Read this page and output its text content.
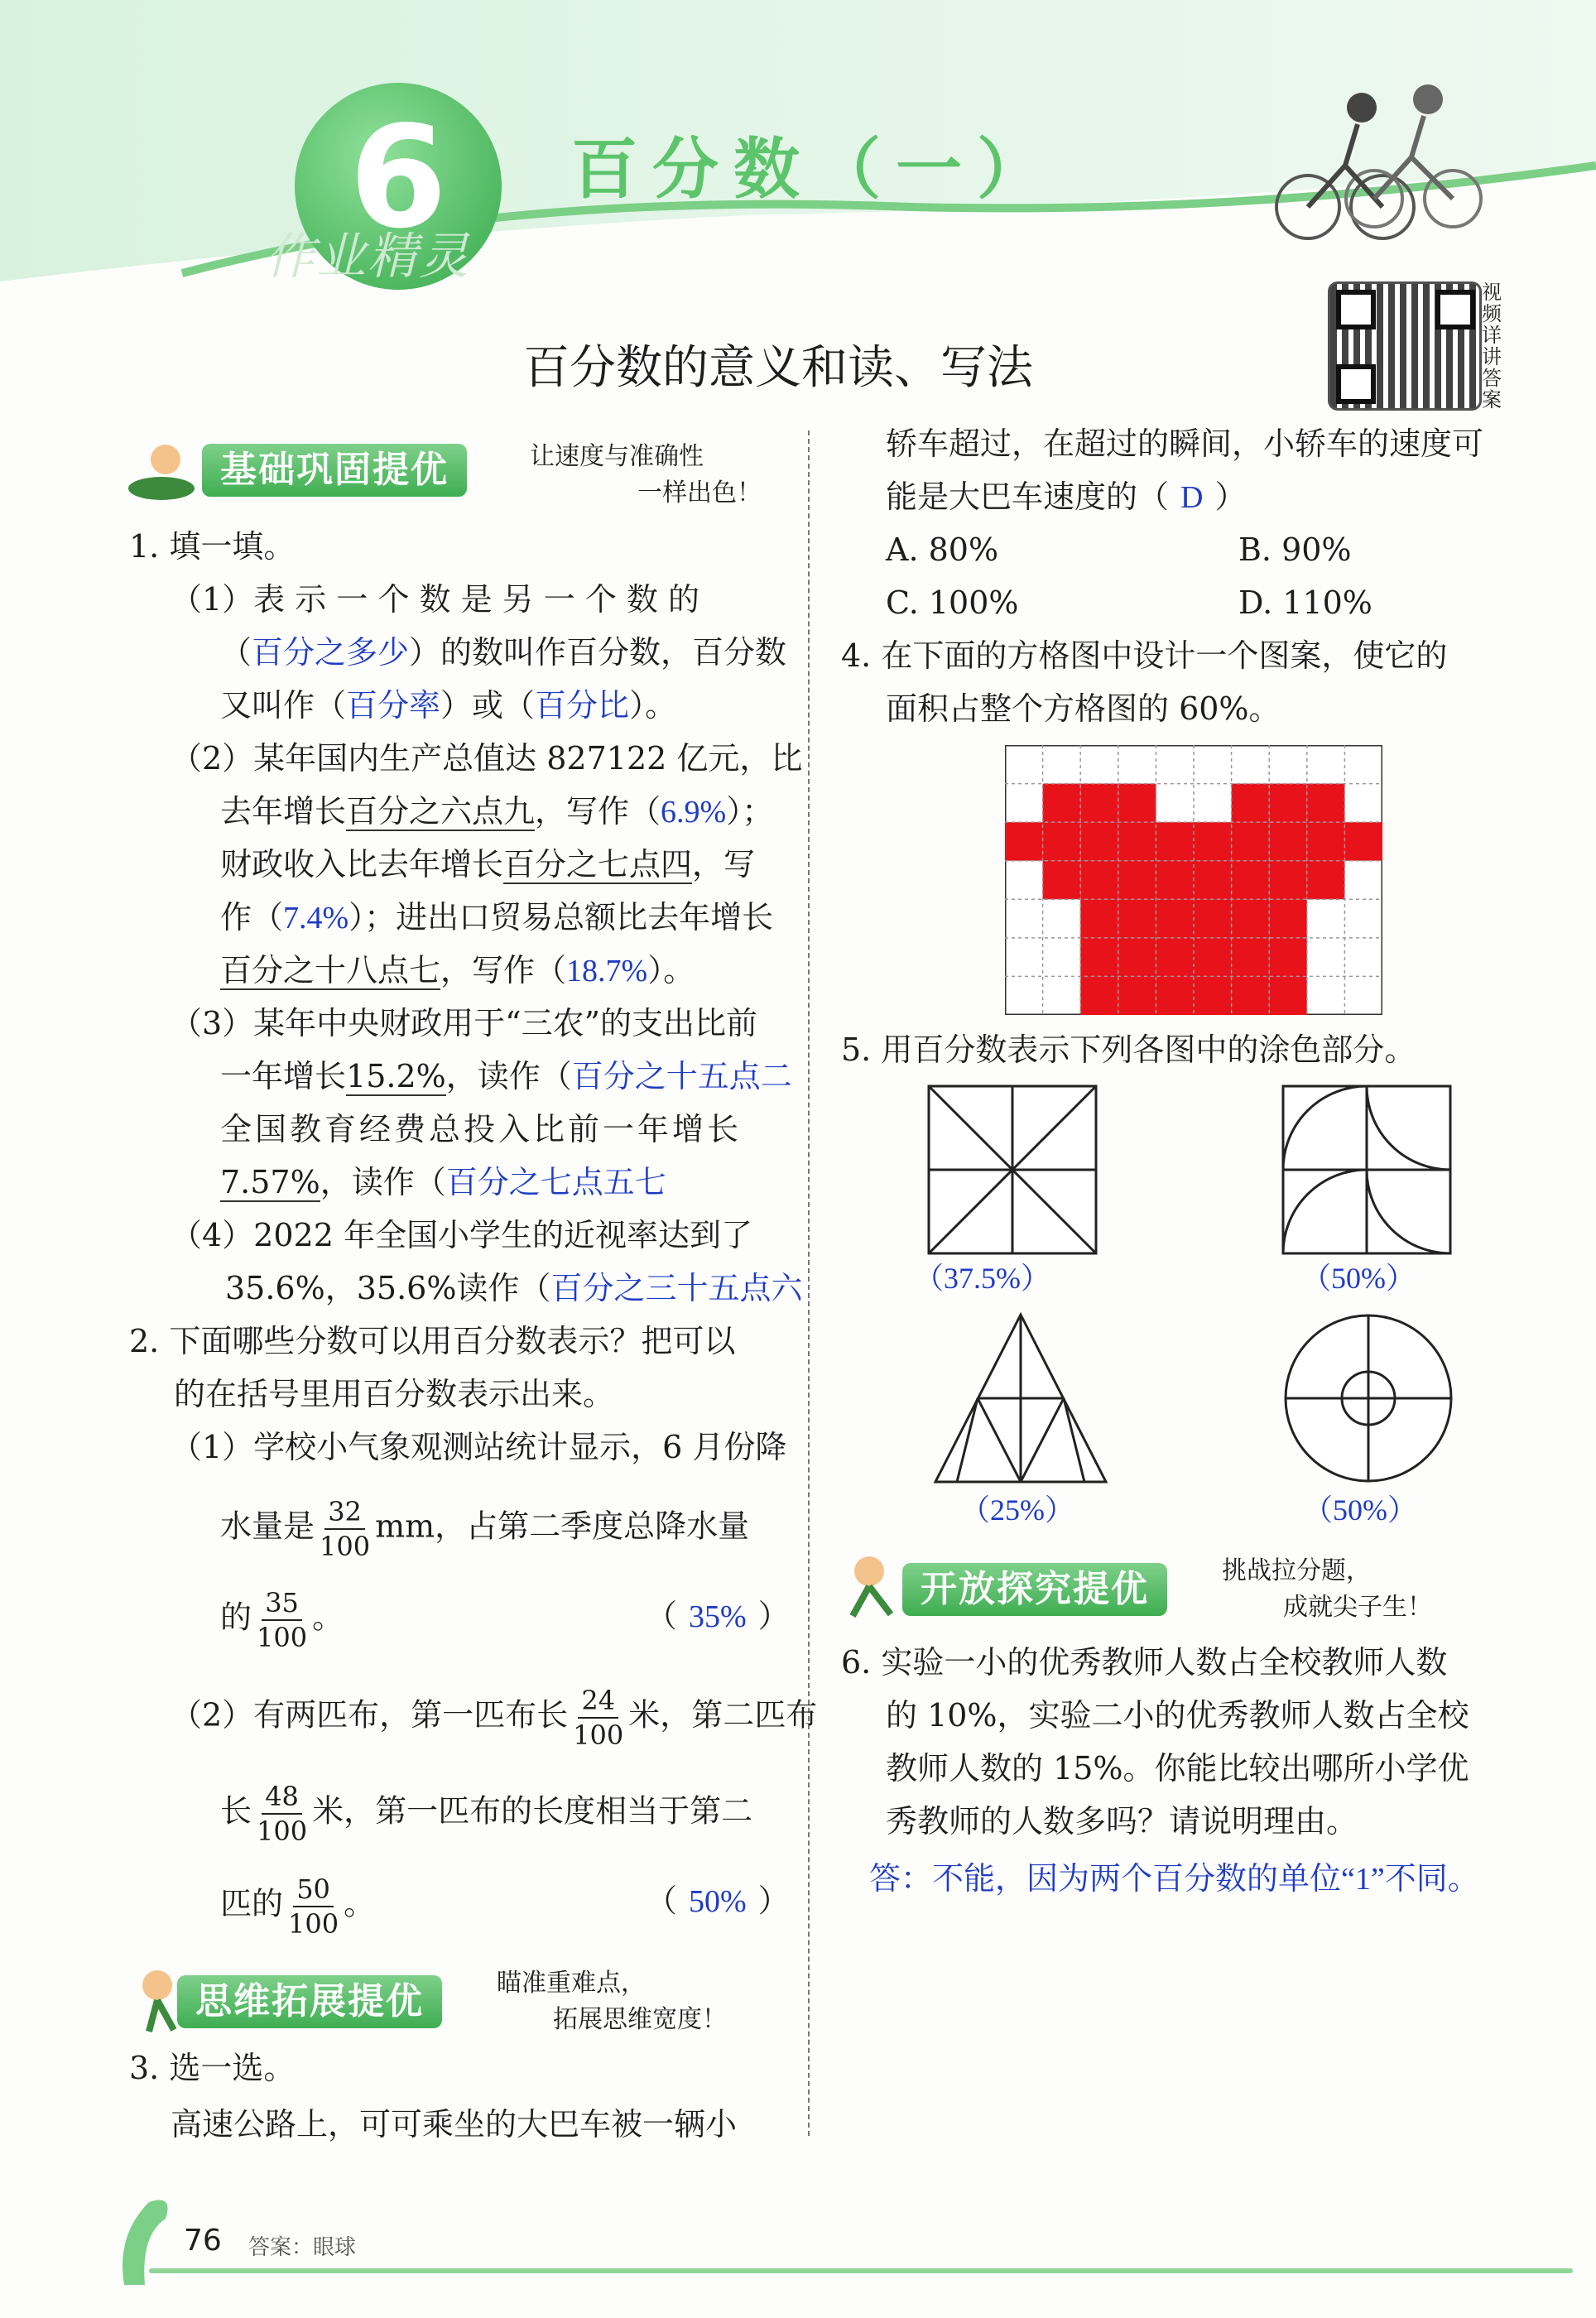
6
作业精灵
百分数（一）
视频详讲答案
百分数的意义和读、写法
基础巩固提优	让速度与准确性
一样出色！
1. 填一填。
（1）表 示 一 个 数 是 另 一 个 数 的
（百分之多少）的数叫作百分数，百分数
又叫作（百分率）或（百分比）。
（2）某年国内生产总值达 827122 亿元，比
去年增长百分之六点九，写作（6.9%）；
财政收入比去年增长百分之七点四，写
作（7.4%）；进出口贸易总额比去年增长
百分之十八点七，写作（18.7%）。
（3）某年中央财政用于“三农”的支出比前
一年增长15.2%，读作（百分之十五点二
全国教育经费总投入比前一年增长
7.57%，读作（百分之七点五七
（4）2022 年全国小学生的近视率达到了
35.6%，35.6%读作（百分之三十五点六
2. 下面哪些分数可以用百分数表示？把可以
的在括号里用百分数表示出来。
（1）学校小气象观测站统计显示，6 月份降
水量是 $\frac{32}{100}$ mm，占第二季度总降水量
的 $\frac{35}{100}$ 。	（ 35% ）
（2）有两匹布，第一匹布长 $\frac{24}{100}$ 米，第二匹布
长 $\frac{48}{100}$ 米，第一匹布的长度相当于第二
匹的 $\frac{50}{100}$ 。	（ 50% ）
思维拓展提优	瞄准重难点，
拓展思维宽度！
3. 选一选。
高速公路上，可可乘坐的大巴车被一辆小
轿车超过，在超过的瞬间，小轿车的速度可
能是大巴车速度的（ D ）
A. 80%	B. 90%
C. 100%	D. 110%
4. 在下面的方格图中设计一个图案，使它的
面积占整个方格图的 60%。
5. 用百分数表示下列各图中的涂色部分。
（37.5%）	（50%）
（25%）	（50%）
开放探究提优	挑战拉分题，
成就尖子生！
6. 实验一小的优秀教师人数占全校教师人数
的 10%，实验二小的优秀教师人数占全校
教师人数的 15%。你能比较出哪所小学优
秀教师的人数多吗？请说明理由。
答：不能，因为两个百分数的单位“1”不同。
76 答案：眼球
